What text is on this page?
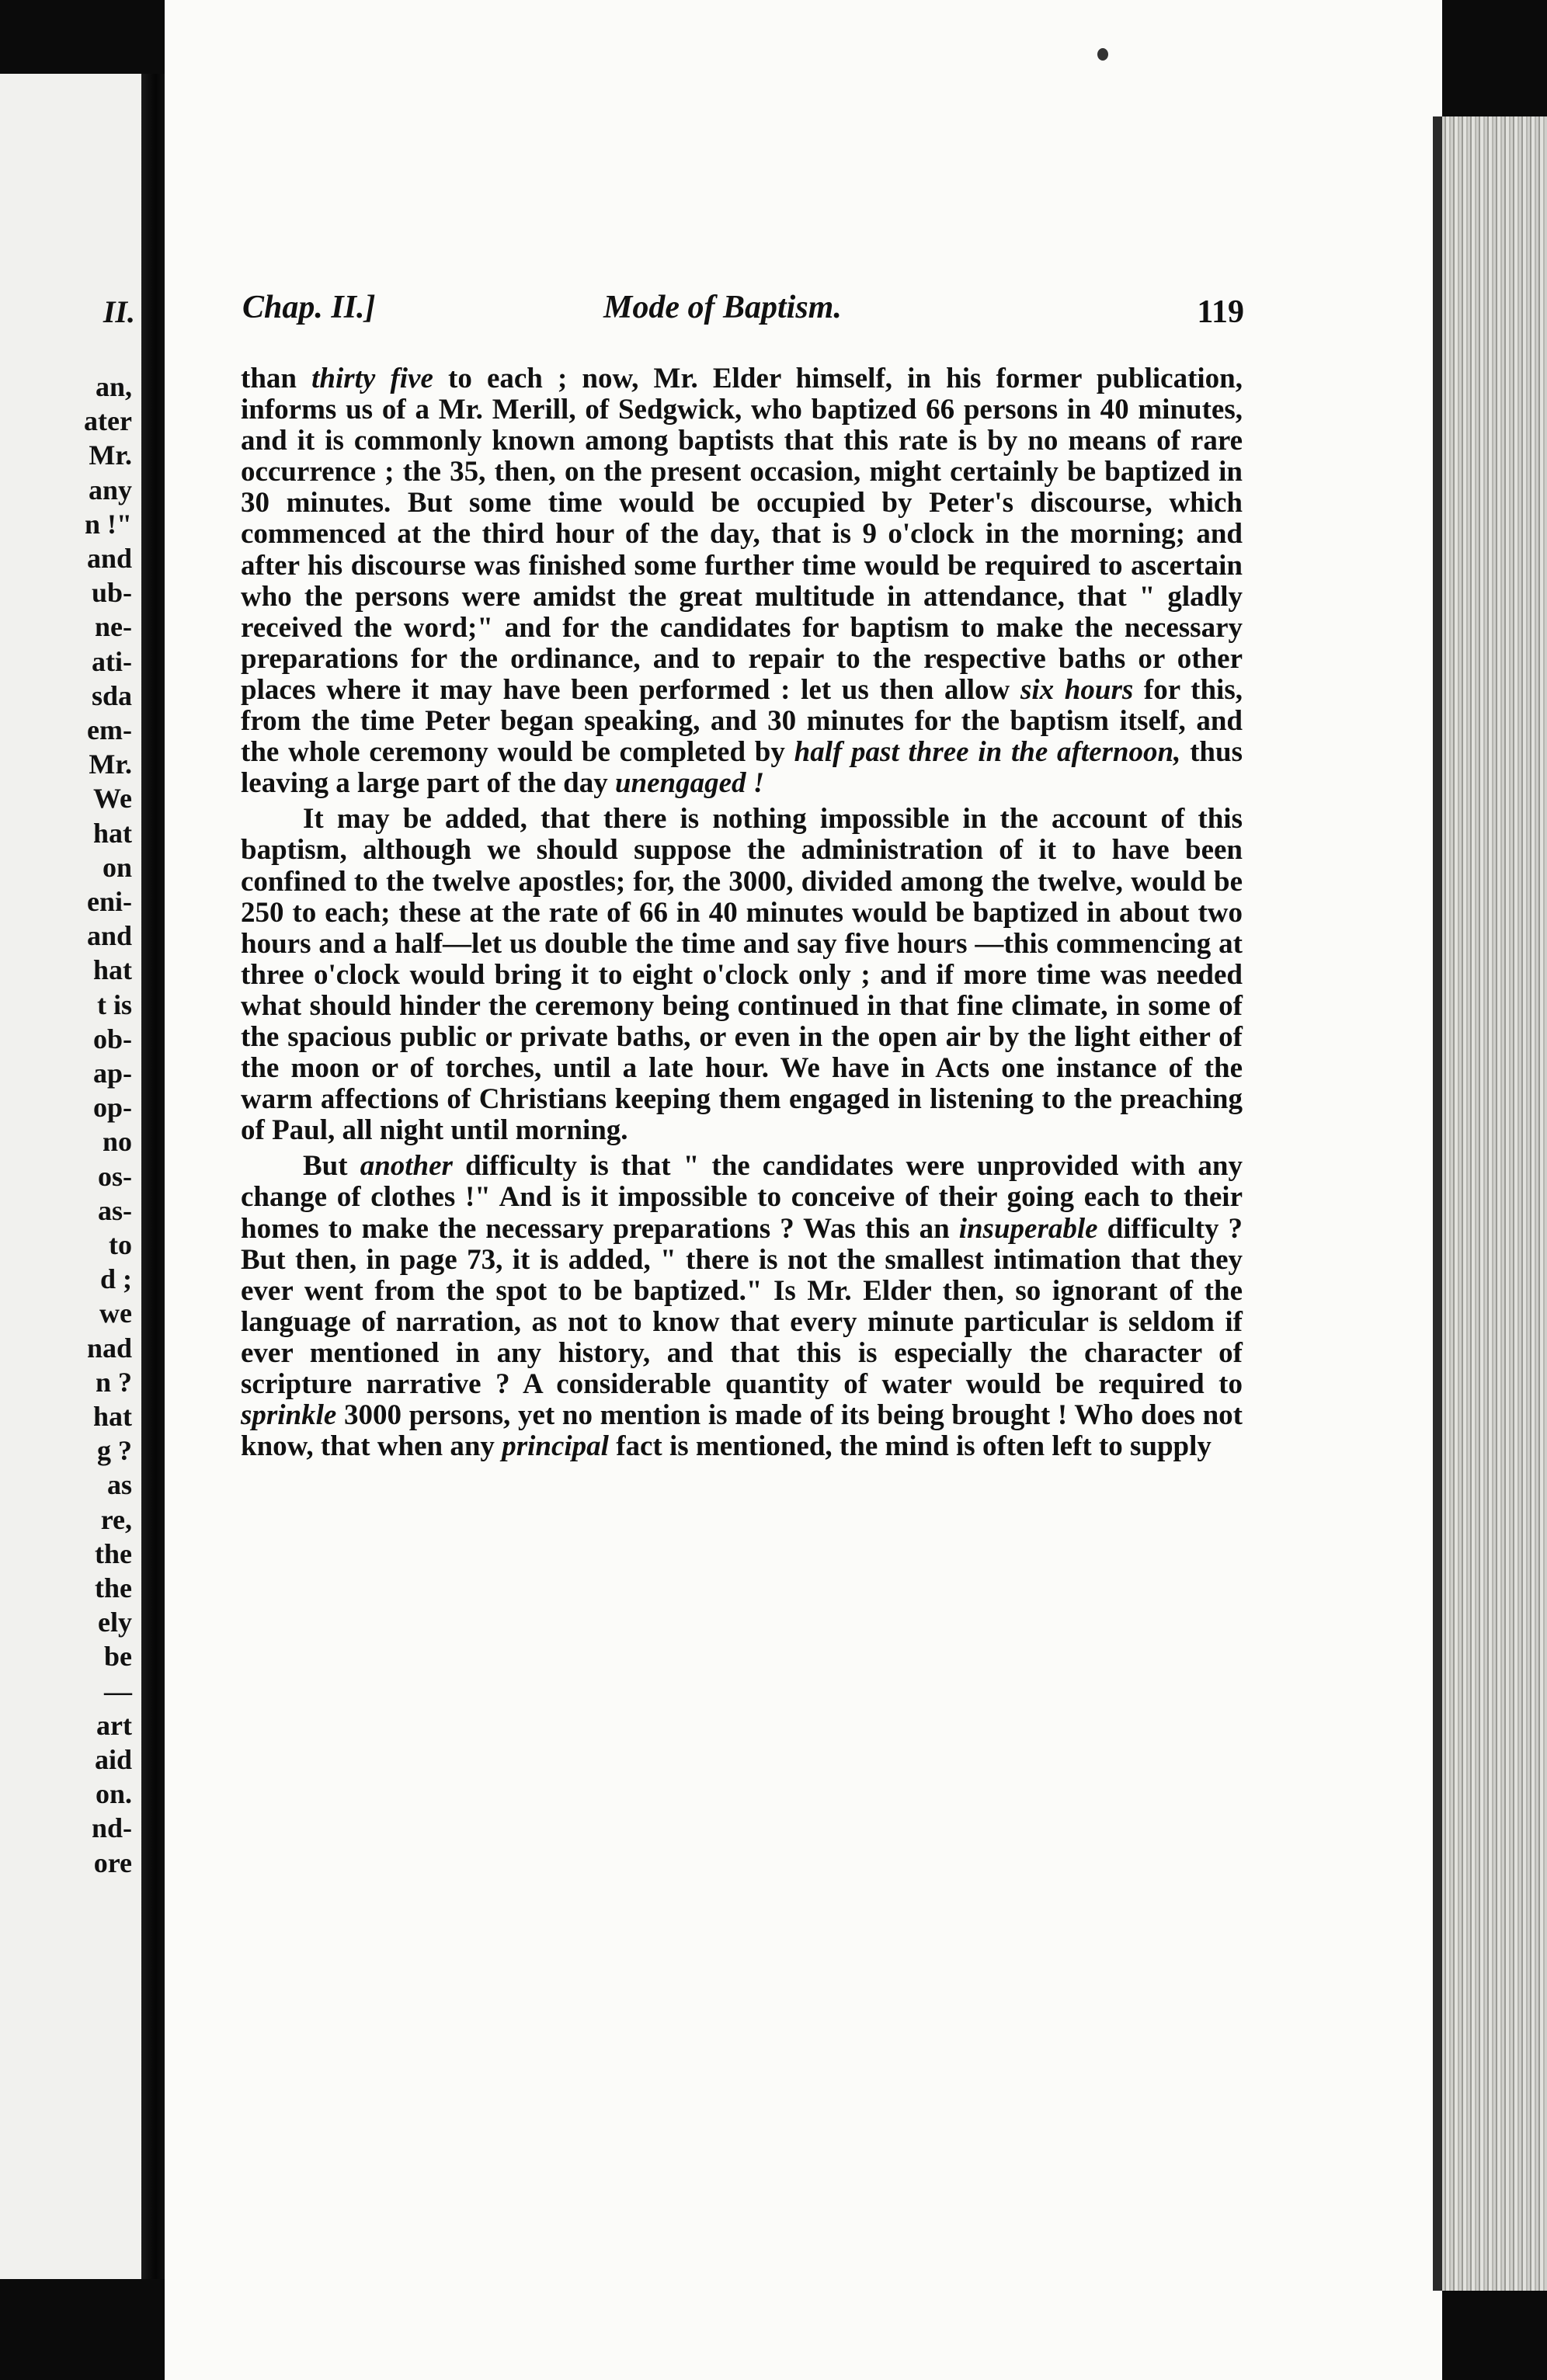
II.
an,
ater
Mr.
any
n !"
and
ub-
ne-
ati-
sda
em-
Mr.
We
hat
on
eni-
and
hat
t is
ob-
ap-
op-
no
os-
as-
to
d ;
we
nad
n ?
hat
g ?
as
re,
the
the
ely
be
—
art
aid
on.
nd-
ore
Chap. II.]	Mode of Baptism.	119

than thirty five to each ; now, Mr. Elder himself, in his former publication, informs us of a Mr. Merill, of Sedgwick, who baptized 66 persons in 40 minutes, and it is commonly known among baptists that this rate is by no means of rare occurrence ; the 35, then, on the present occasion, might certainly be baptized in 30 minutes. But some time would be occupied by Peter's discourse, which commenced at the third hour of the day, that is 9 o'clock in the morning; and after his discourse was finished some further time would be required to ascertain who the persons were amidst the great multitude in attendance, that " gladly received the word;" and for the candidates for baptism to make the necessary preparations for the ordinance, and to repair to the respective baths or other places where it may have been performed : let us then allow six hours for this, from the time Peter began speaking, and 30 minutes for the baptism itself, and the whole ceremony would be completed by half past three in the afternoon, thus leaving a large part of the day unengaged !

It may be added, that there is nothing impossible in the account of this baptism, although we should suppose the administration of it to have been confined to the twelve apostles; for, the 3000, divided among the twelve, would be 250 to each; these at the rate of 66 in 40 minutes would be baptized in about two hours and a half—let us double the time and say five hours —this commencing at three o'clock would bring it to eight o'clock only ; and if more time was needed what should hinder the ceremony being continued in that fine climate, in some of the spacious public or private baths, or even in the open air by the light either of the moon or of torches, until a late hour. We have in Acts one instance of the warm affections of Christians keeping them engaged in listening to the preaching of Paul, all night until morning.

But another difficulty is that " the candidates were unprovided with any change of clothes !" And is it impossible to conceive of their going each to their homes to make the necessary preparations ? Was this an insuperable difficulty ? But then, in page 73, it is added, " there is not the smallest intimation that they ever went from the spot to be baptized." Is Mr. Elder then, so ignorant of the language of narration, as not to know that every minute particular is seldom if ever mentioned in any history, and that this is especially the character of scripture narrative ? A considerable quantity of water would be required to sprinkle 3000 persons, yet no mention is made of its being brought ! Who does not know, that when any principal fact is mentioned, the mind is often left to supply
